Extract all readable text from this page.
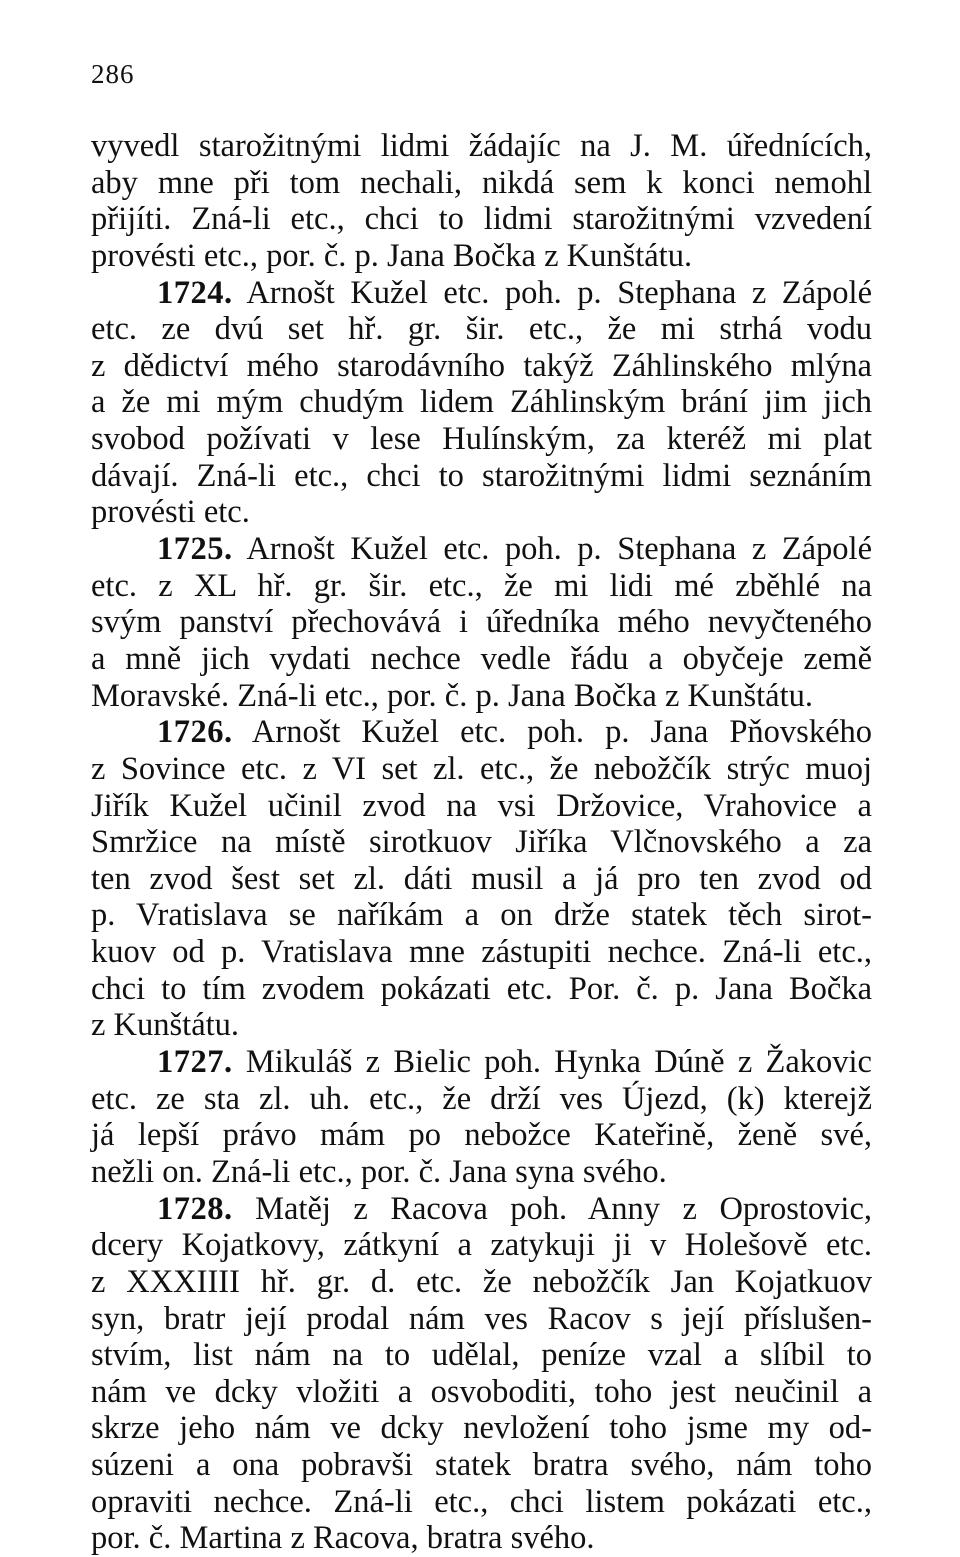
286
vyvedl starožitnými lidmi žádajíc na J. M. úřednících,
aby mne při tom nechali, nikdá sem k konci nemohl
přijíti. Zná-li etc., chci to lidmi starožitnými vzvedení
provésti etc., por. č. p. Jana Bočka z Kunštátu.
1724. Arnošt Kužel etc. poh. p. Stephana z Zápolé
etc. ze dvú set hř. gr. šir. etc., že mi strhá vodu
z dědictví mého starodávního takýž Záhlinského mlýna
a že mi mým chudým lidem Záhlinským brání jim jich
svobod požívati v lese Hulínským, za kteréž mi plat
dávají. Zná-li etc., chci to starožitnými lidmi seznáním
provésti etc.
1725. Arnošt Kužel etc. poh. p. Stephana z Zápolé
etc. z XL hř. gr. šir. etc., že mi lidi mé zběhlé na
svým panství přechovává i úředníka mého nevyčteného
a mně jich vydati nechce vedle řádu a obyčeje země
Moravské. Zná-li etc., por. č. p. Jana Bočka z Kunštátu.
1726. Arnošt Kužel etc. poh. p. Jana Pňovského
z Sovince etc. z VI set zl. etc., že nebožčík strýc muoj
Jiřík Kužel učinil zvod na vsi Držovice, Vrahovice a
Smržice na místě sirotkuov Jiříka Vlčnovského a za
ten zvod šest set zl. dáti musil a já pro ten zvod od
p. Vratislava se naříkám a on drže statek těch sirot-
kuov od p. Vratislava mne zástupiti nechce. Zná-li etc.,
chci to tím zvodem pokázati etc. Por. č. p. Jana Bočka
z Kunštátu.
1727. Mikuláš z Bielic poh. Hynka Dúně z Žakovic
etc. ze sta zl. uh. etc., že drží ves Újezd, (k) kterejž
já lepší právo mám po nebožce Kateřině, ženě své,
nežli on. Zná-li etc., por. č. Jana syna svého.
1728. Matěj z Racova poh. Anny z Oprostovic,
dcery Kojatkovy, zátkyní a zatykuji ji v Holešově etc.
z XXXIIII hř. gr. d. etc. že nebožčík Jan Kojatkuov
syn, bratr její prodal nám ves Racov s její příslušen-
stvím, list nám na to udělal, peníze vzal a slíbil to
nám ve dcky vložiti a osvoboditi, toho jest neučinil a
skrze jeho nám ve dcky nevložení toho jsme my od-
súzeni a ona pobravši statek bratra svého, nám toho
opraviti nechce. Zná-li etc., chci listem pokázati etc.,
por. č. Martina z Racova, bratra svého.
